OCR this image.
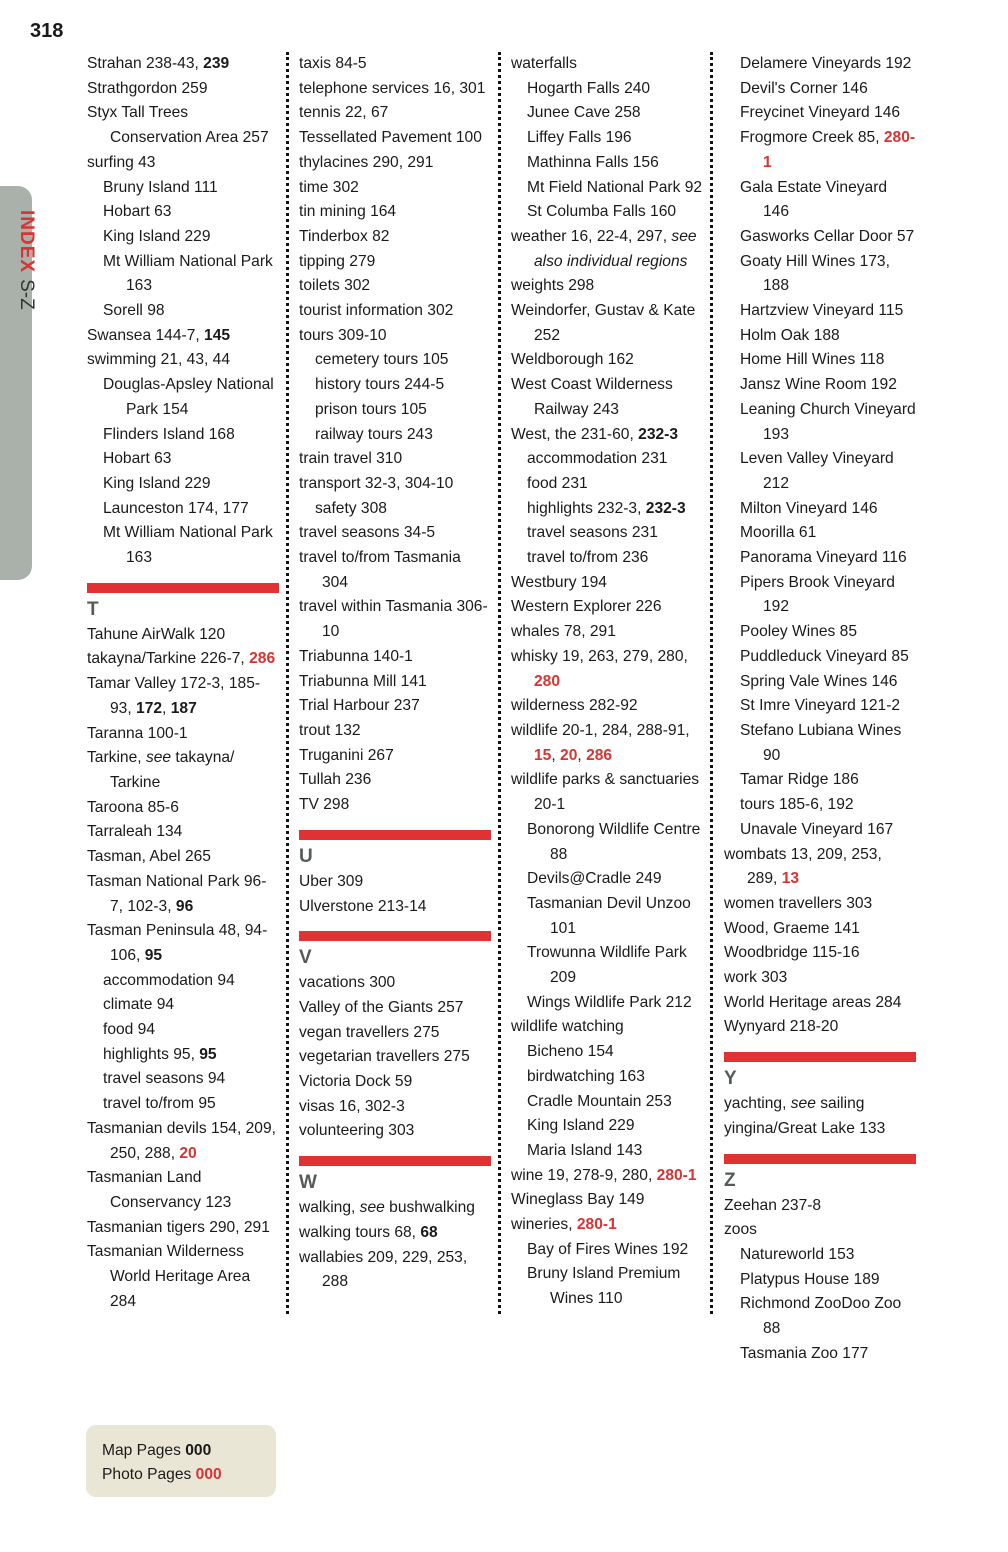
318
INDEXS-Z
Strahan 238-43, 239
Strathgordon 259
Styx Tall Trees Conservation Area 257
surfing 43
Bruny Island 111
Hobart 63
King Island 229
Mt William National Park 163
Sorell 98
Swansea 144-7, 145
swimming 21, 43, 44
Douglas-Apsley National Park 154
Flinders Island 168
Hobart 63
King Island 229
Launceston 174, 177
Mt William National Park 163
T
Tahune AirWalk 120
takayna/Tarkine 226-7, 286
Tamar Valley 172-3, 185-93, 172, 187
Taranna 100-1
Tarkine, see takayna/ Tarkine
Taroona 85-6
Tarraleah 134
Tasman, Abel 265
Tasman National Park 96-7, 102-3, 96
Tasman Peninsula 48, 94-106, 95
accommodation 94
climate 94
food 94
highlights 95, 95
travel seasons 94
travel to/from 95
Tasmanian devils 154, 209, 250, 288, 20
Tasmanian Land Conservancy 123
Tasmanian tigers 290, 291
Tasmanian Wilderness World Heritage Area 284
taxis 84-5
telephone services 16, 301
tennis 22, 67
Tessellated Pavement 100
thylacines 290, 291
time 302
tin mining 164
Tinderbox 82
tipping 279
toilets 302
tourist information 302
tours 309-10
cemetery tours 105
history tours 244-5
prison tours 105
railway tours 243
train travel 310
transport 32-3, 304-10
safety 308
travel seasons 34-5
travel to/from Tasmania 304
travel within Tasmania 306-10
Triabunna 140-1
Triabunna Mill 141
Trial Harbour 237
trout 132
Truganini 267
Tullah 236
TV 298
U
Uber 309
Ulverstone 213-14
V
vacations 300
Valley of the Giants 257
vegan travellers 275
vegetarian travellers 275
Victoria Dock 59
visas 16, 302-3
volunteering 303
W
walking, see bushwalking
walking tours 68, 68
wallabies 209, 229, 253, 288
waterfalls
Hogarth Falls 240
Junee Cave 258
Liffey Falls 196
Mathinna Falls 156
Mt Field National Park 92
St Columba Falls 160
weather 16, 22-4, 297, see also individual regions
weights 298
Weindorfer, Gustav & Kate 252
Weldborough 162
West Coast Wilderness Railway 243
West, the 231-60, 232-3
accommodation 231
food 231
highlights 232-3, 232-3
travel seasons 231
travel to/from 236
Westbury 194
Western Explorer 226
whales 78, 291
whisky 19, 263, 279, 280, 280
wilderness 282-92
wildlife 20-1, 284, 288-91, 15, 20, 286
wildlife parks & sanctuaries 20-1
Bonorong Wildlife Centre 88
Devils@Cradle 249
Tasmanian Devil Unzoo 101
Trowunna Wildlife Park 209
Wings Wildlife Park 212
wildlife watching
Bicheno 154
birdwatching 163
Cradle Mountain 253
King Island 229
Maria Island 143
wine 19, 278-9, 280, 280-1
Wineglass Bay 149
wineries, 280-1
Bay of Fires Wines 192
Bruny Island Premium Wines 110
Delamere Vineyards 192
Devil's Corner 146
Freycinet Vineyard 146
Frogmore Creek 85, 280-1
Gala Estate Vineyard 146
Gasworks Cellar Door 57
Goaty Hill Wines 173, 188
Hartzview Vineyard 115
Holm Oak 188
Home Hill Wines 118
Jansz Wine Room 192
Leaning Church Vineyard 193
Leven Valley Vineyard 212
Milton Vineyard 146
Moorilla 61
Panorama Vineyard 116
Pipers Brook Vineyard 192
Pooley Wines 85
Puddleduck Vineyard 85
Spring Vale Wines 146
St Imre Vineyard 121-2
Stefano Lubiana Wines 90
Tamar Ridge 186
tours 185-6, 192
Unavale Vineyard 167
wombats 13, 209, 253, 289, 13
women travellers 303
Wood, Graeme 141
Woodbridge 115-16
work 303
World Heritage areas 284
Wynyard 218-20
Y
yachting, see sailing
yingina/Great Lake 133
Z
Zeehan 237-8
zoos
Natureworld 153
Platypus House 189
Richmond ZooDoo Zoo 88
Tasmania Zoo 177
Map Pages 000
Photo Pages 000
